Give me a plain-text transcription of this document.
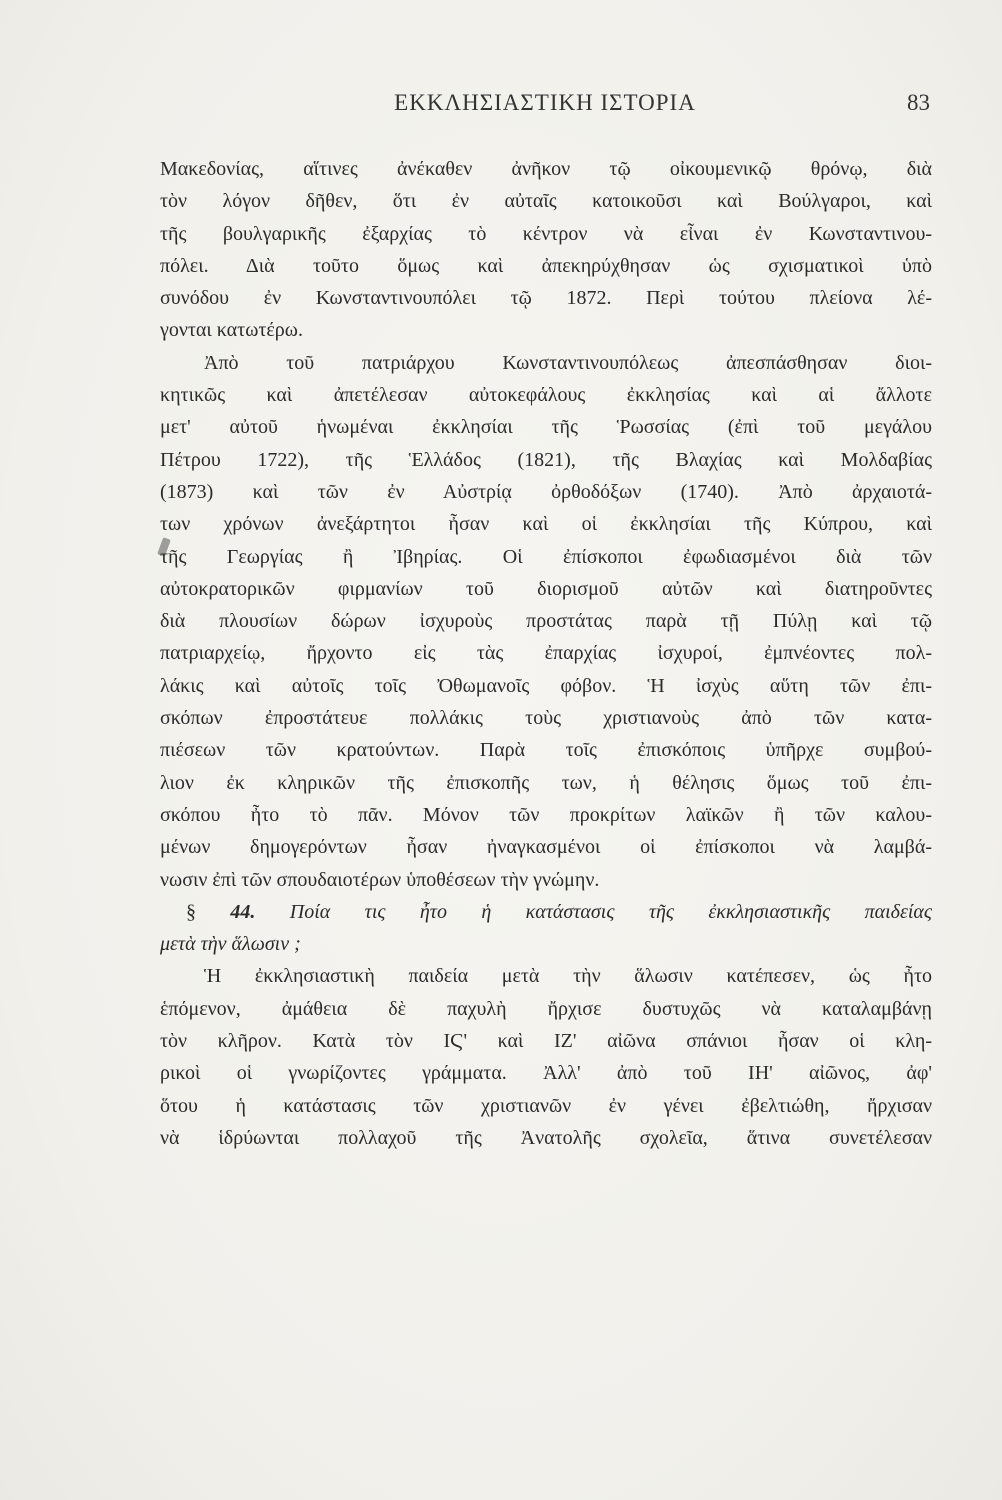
ΕΚΚΛΗΣΙΑΣΤΙΚΗ ΙΣΤΟΡΙΑ	83
Μακεδονίας, αἵτινες ἀνέκαθεν ἀνῆκον τῷ οἰκουμενικῷ θρόνῳ, διὰ
τὸν λόγον δῆθεν, ὅτι ἐν αὐταῖς κατοικοῦσι καὶ Βούλγαροι, καὶ
τῆς βουλγαρικῆς ἐξαρχίας τὸ κέντρον νὰ εἶναι ἐν Κωνσταντινου-
πόλει. Διὰ τοῦτο ὅμως καὶ ἀπεκηρύχθησαν ὡς σχισματικοὶ ὑπὸ
συνόδου ἐν Κωνσταντινουπόλει τῷ 1872. Περὶ τούτου πλείονα λέ-
γονται κατωτέρω.
Ἀπὸ τοῦ πατριάρχου Κωνσταντινουπόλεως ἀπεσπάσθησαν διοι-
κητικῶς καὶ ἀπετέλεσαν αὐτοκεφάλους ἐκκλησίας καὶ αἱ ἄλλοτε
μετ' αὐτοῦ ἡνωμέναι ἐκκλησίαι τῆς Ῥωσσίας (ἐπὶ τοῦ μεγάλου
Πέτρου 1722), τῆς Ἑλλάδος (1821), τῆς Βλαχίας καὶ Μολδαβίας
(1873) καὶ τῶν ἐν Αὐστρίᾳ ὀρθοδόξων (1740). Ἀπὸ ἀρχαιοτά-
των χρόνων ἀνεξάρτητοι ἦσαν καὶ οἱ ἐκκλησίαι τῆς Κύπρου, καὶ
τῆς Γεωργίας ἢ Ἰβηρίας. Οἱ ἐπίσκοποι ἐφωδιασμένοι διὰ τῶν
αὐτοκρατορικῶν φιρμανίων τοῦ διορισμοῦ αὐτῶν καὶ διατηροῦντες
διὰ πλουσίων δώρων ἰσχυροὺς προστάτας παρὰ τῇ Πύλῃ καὶ τῷ
πατριαρχείῳ, ἤρχοντο εἰς τὰς ἐπαρχίας ἰσχυροί, ἐμπνέοντες πολ-
λάκις καὶ αὐτοῖς τοῖς Ὀθωμανοῖς φόβον. Ἡ ἰσχὺς αὕτη τῶν ἐπι-
σκόπων ἐπροστάτευε πολλάκις τοὺς χριστιανοὺς ἀπὸ τῶν κατα-
πιέσεων τῶν κρατούντων. Παρὰ τοῖς ἐπισκόποις ὑπῆρχε συμβού-
λιον ἐκ κληρικῶν τῆς ἐπισκοπῆς των, ἡ θέλησις ὅμως τοῦ ἐπι-
σκόπου ἦτο τὸ πᾶν. Μόνον τῶν προκρίτων λαϊκῶν ἢ τῶν καλου-
μένων δημογερόντων ἦσαν ἠναγκασμένοι οἱ ἐπίσκοποι νὰ λαμβά-
νωσιν ἐπὶ τῶν σπουδαιοτέρων ὑποθέσεων τὴν γνώμην.
§ 44. Ποία τις ἦτο ἡ κατάστασις τῆς ἐκκλησιαστικῆς παιδείας
μετὰ τὴν ἅλωσιν ;
Ἡ ἐκκλησιαστικὴ παιδεία μετὰ τὴν ἅλωσιν κατέπεσεν, ὡς ἦτο
ἑπόμενον, ἀμάθεια δὲ παχυλὴ ἤρχισε δυστυχῶς νὰ καταλαμβάνῃ
τὸν κλῆρον. Κατὰ τὸν ΙϚ' καὶ ΙΖ' αἰῶνα σπάνιοι ἦσαν οἱ κλη-
ρικοὶ οἱ γνωρίζοντες γράμματα. Ἀλλ' ἀπὸ τοῦ ΙΗ' αἰῶνος, ἀφ'
ὅτου ἡ κατάστασις τῶν χριστιανῶν ἐν γένει ἐβελτιώθη, ἤρχισαν
νὰ ἱδρύωνται πολλαχοῦ τῆς Ἀνατολῆς σχολεῖα, ἅτινα συνετέλεσαν
